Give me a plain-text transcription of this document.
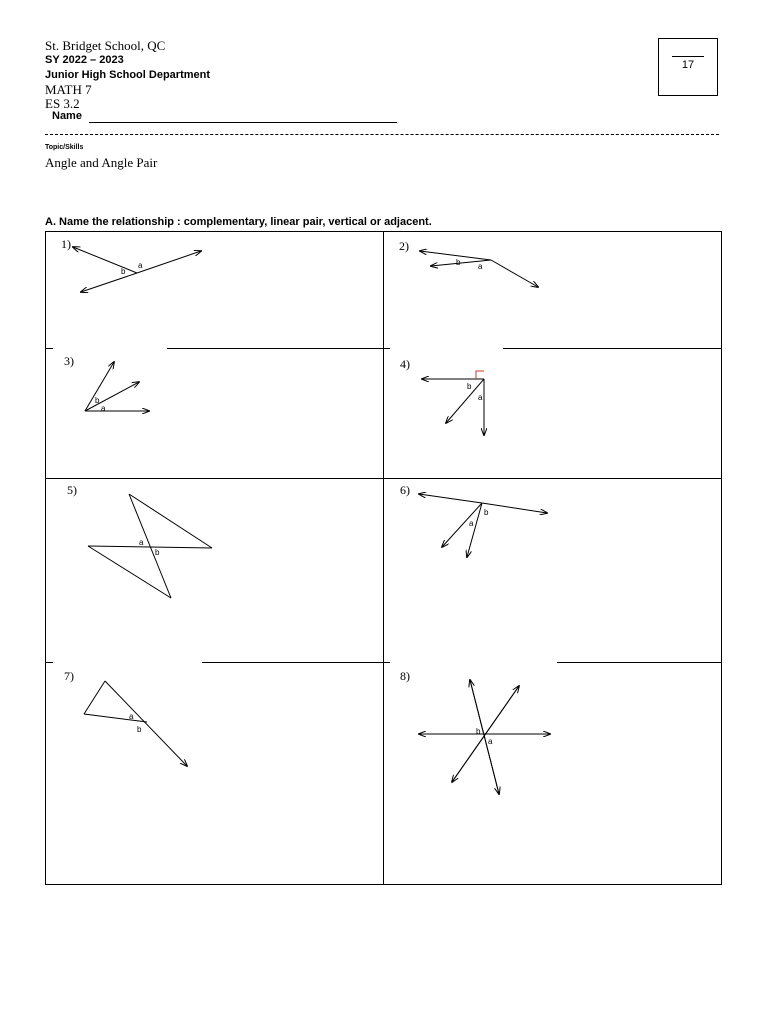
St. Bridget School, QC
SY 2022 – 2023
Junior High School Department
MATH 7
ES 3.2
Name
17
Topic/Skills
Angle and Angle Pair
A. Name the relationship : complementary, linear pair, vertical or adjacent.
1)
a
b
2)
b a
3)
b
a
4)
b
a
5)
a
b
6)
b
a
7)
a
b
8)
b
a
